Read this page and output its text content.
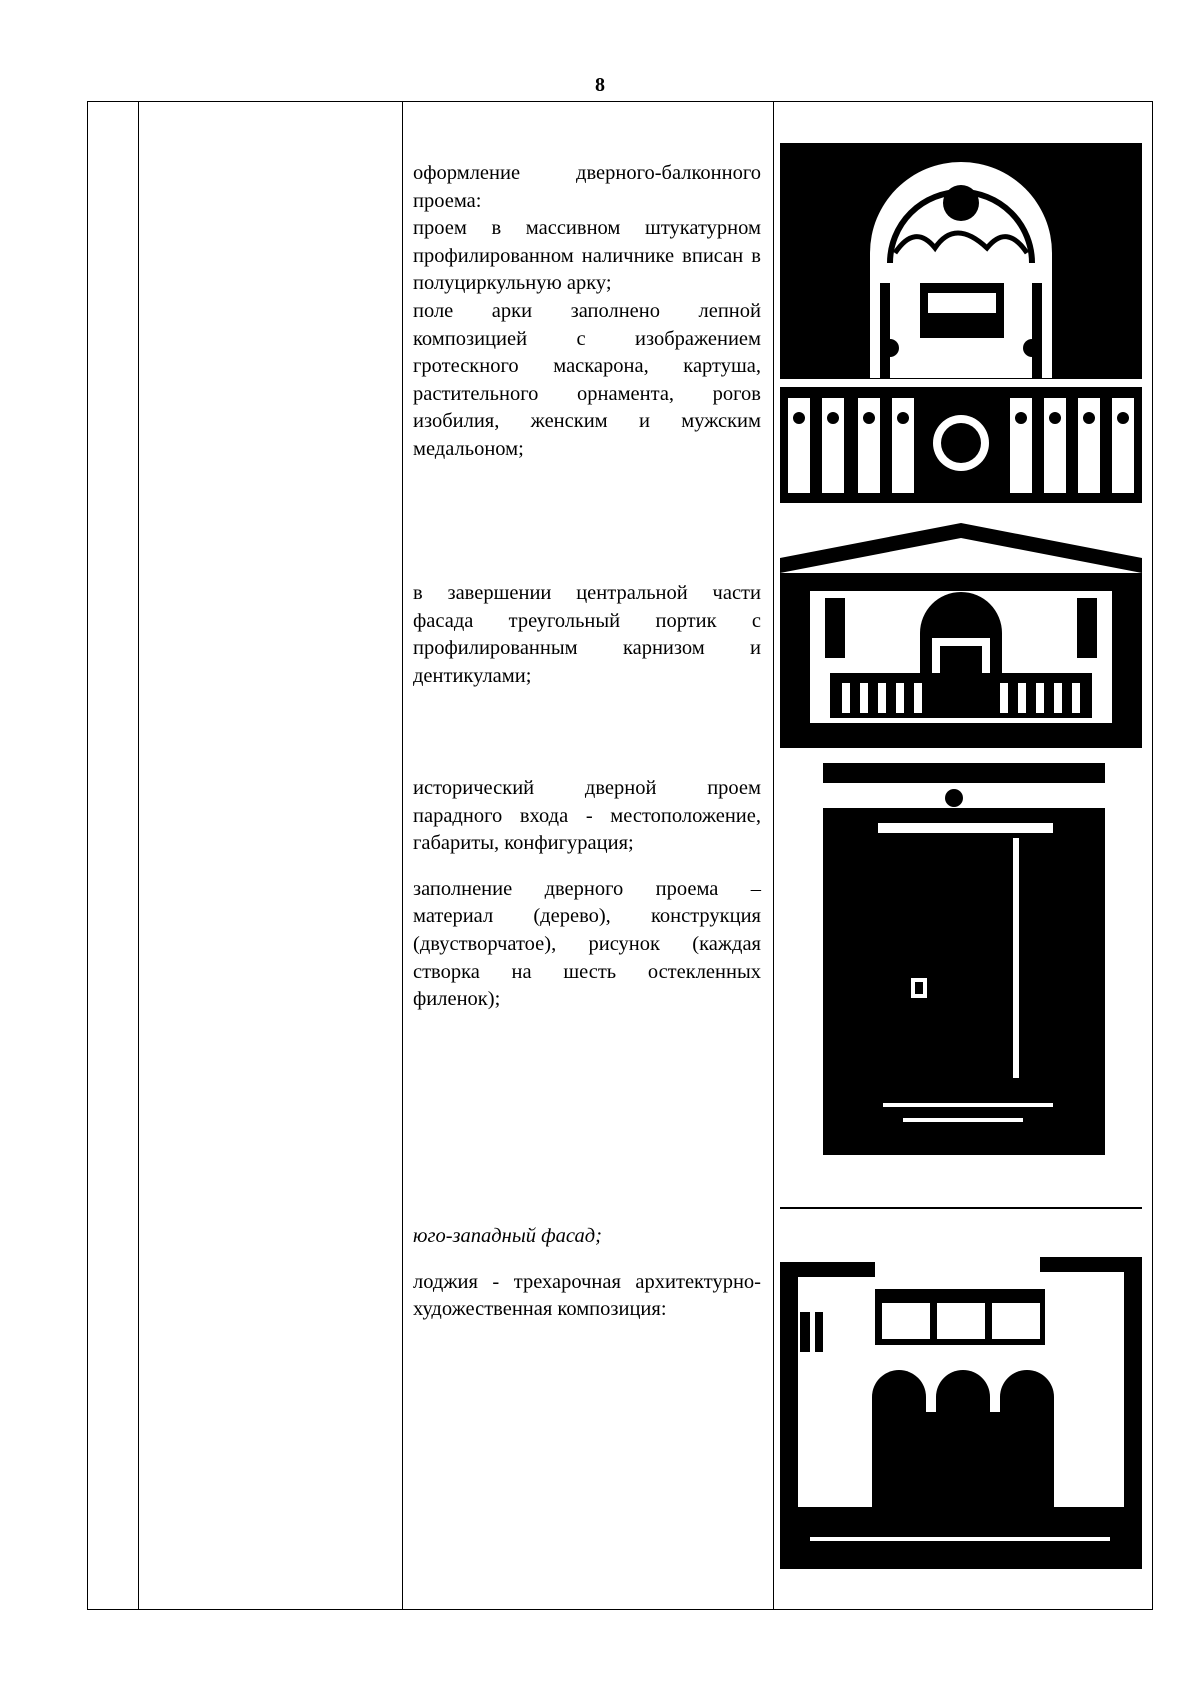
8

оформление дверного-балконного проема:

проем в массивном штукатурном профилированном наличнике вписан в полуциркульную арку;

поле арки заполнено лепной композицией с изображением гротескного маскарона, картуша, растительного орнамента, рогов изобилия, женским и мужским медальоном;

в завершении центральной части фасада треугольный портик с профилированным карнизом и дентикулами;

исторический дверной проем парадного входа - местоположение, габариты, конфигурация;

заполнение дверного проема – материал (дерево), конструкция (двустворчатое), рисунок (каждая створка на шесть остекленных филенок);

юго-западный фасад;

лоджия - трехарочная архитектурно-художественная композиция:
